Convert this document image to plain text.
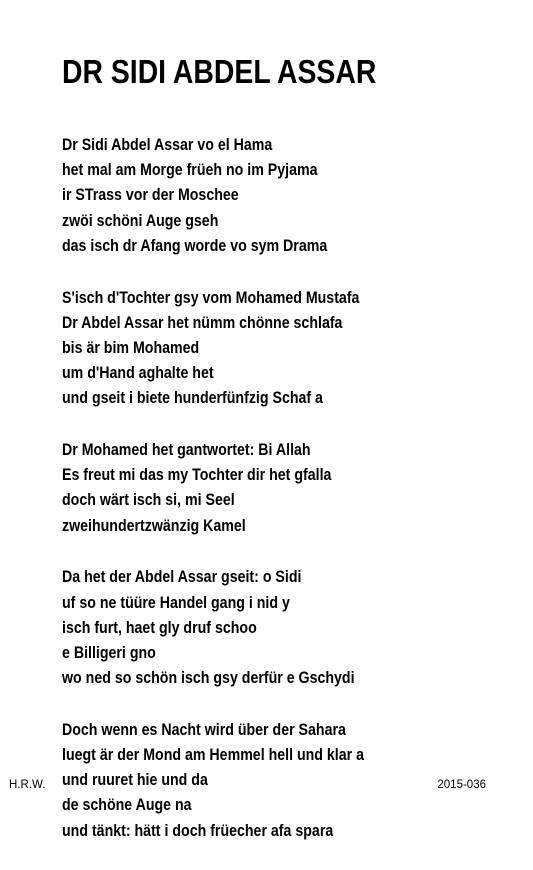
DR SIDI ABDEL ASSAR
Dr Sidi Abdel Assar vo el Hama
het mal am Morge früeh no im Pyjama
ir STrass vor der Moschee
zwöi schöni Auge gseh
das isch dr Afang worde vo sym Drama
S'isch d'Tochter gsy vom Mohamed Mustafa
Dr Abdel Assar het nümm chönne schlafa
bis är bim Mohamed
um d'Hand aghalte het
und gseit i biete hunderfünfzig Schaf a
Dr Mohamed het gantwortet: Bi Allah
Es freut mi das my Tochter dir het gfalla
doch wärt isch si, mi Seel
zweihundertzwänzig Kamel
Da het der Abdel Assar gseit: o Sidi
uf so ne tüüre Handel gang i nid y
isch furt, haet gly druf schoo
e Billigeri gno
wo ned so schön isch gsy derfür e Gschydi
Doch wenn es Nacht wird über der Sahara
luegt är der Mond am Hemmel hell und klar a
und ruuret hie und da
de schöne Auge na
und tänkt: hätt i doch früecher afa spara
H.R.W.	2015-036
